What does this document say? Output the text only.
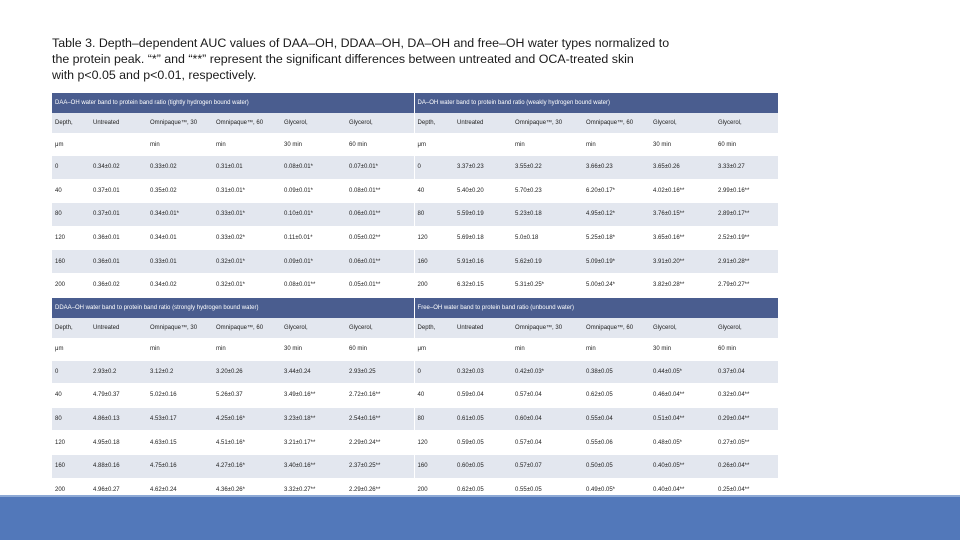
Table 3. Depth–dependent AUC values of DAA–OH, DDAA–OH, DA–OH and free–OH water types normalized to
the protein peak. “*” and “**” represent the significant differences between untreated and OCA-treated skin
with p<0.05 and p<0.01, respectively.
DAA–OH water band to protein band ratio (tightly hydrogen bound water)						DA–OH water band to protein band ratio (weakly hydrogen bound water)					
Depth,	Untreated	Omnipaque™, 30	Omnipaque™, 60	Glycerol,	Glycerol,	Depth,	Untreated	Omnipaque™, 30	Omnipaque™, 60	Glycerol,	Glycerol,
μm		min	min	30 min	60 min	μm		min	min	30 min	60 min
0	0.34±0.02	0.33±0.02	0.31±0.01	0.08±0.01*	0.07±0.01*	0	3.37±0.23	3.55±0.22	3.66±0.23	3.65±0.26	3.33±0.27
40	0.37±0.01	0.35±0.02	0.31±0.01*	0.09±0.01*	0.08±0.01**	40	5.40±0.20	5.70±0.23	6.20±0.17*	4.02±0.16**	2.99±0.16**
80	0.37±0.01	0.34±0.01*	0.33±0.01*	0.10±0.01*	0.06±0.01**	80	5.59±0.19	5.23±0.18	4.95±0.12*	3.76±0.15**	2.89±0.17**
120	0.36±0.01	0.34±0.01	0.33±0.02*	0.11±0.01*	0.05±0.02**	120	5.69±0.18	5.0±0.18	5.25±0.18*	3.65±0.16**	2.52±0.19**
160	0.36±0.01	0.33±0.01	0.32±0.01*	0.09±0.01*	0.06±0.01**	160	5.91±0.16	5.62±0.19	5.09±0.19*	3.91±0.20**	2.91±0.28**
200	0.36±0.02	0.34±0.02	0.32±0.01*	0.08±0.01**	0.05±0.01**	200	6.32±0.15	5.31±0.25*	5.00±0.24*	3.82±0.28**	2.79±0.27**
DDAA–OH water band to protein band ratio (strongly hydrogen bound water)						Free–OH water band to protein band ratio (unbound water)					
Depth,	Untreated	Omnipaque™, 30	Omnipaque™, 60	Glycerol,	Glycerol,	Depth,	Untreated	Omnipaque™, 30	Omnipaque™, 60	Glycerol,	Glycerol,
μm		min	min	30 min	60 min	μm		min	min	30 min	60 min
0	2.93±0.2	3.12±0.2	3.20±0.26	3.44±0.24	2.93±0.25	0	0.32±0.03	0.42±0.03*	0.38±0.05	0.44±0.05*	0.37±0.04
40	4.79±0.37	5.02±0.16	5.26±0.37	3.49±0.16**	2.72±0.16**	40	0.59±0.04	0.57±0.04	0.62±0.05	0.46±0.04**	0.32±0.04**
80	4.86±0.13	4.53±0.17	4.25±0.16*	3.23±0.18**	2.54±0.16**	80	0.61±0.05	0.60±0.04	0.55±0.04	0.51±0.04**	0.29±0.04**
120	4.95±0.18	4.63±0.15	4.51±0.16*	3.21±0.17**	2.29±0.24**	120	0.59±0.05	0.57±0.04	0.55±0.06	0.48±0.05*	0.27±0.05**
160	4.88±0.16	4.75±0.16	4.27±0.16*	3.40±0.16**	2.37±0.25**	160	0.60±0.05	0.57±0.07	0.50±0.05	0.40±0.05**	0.26±0.04**
200	4.96±0.27	4.62±0.24	4.36±0.26*	3.32±0.27**	2.29±0.26**	200	0.62±0.05	0.55±0.05	0.49±0.05*	0.40±0.04**	0.25±0.04**
